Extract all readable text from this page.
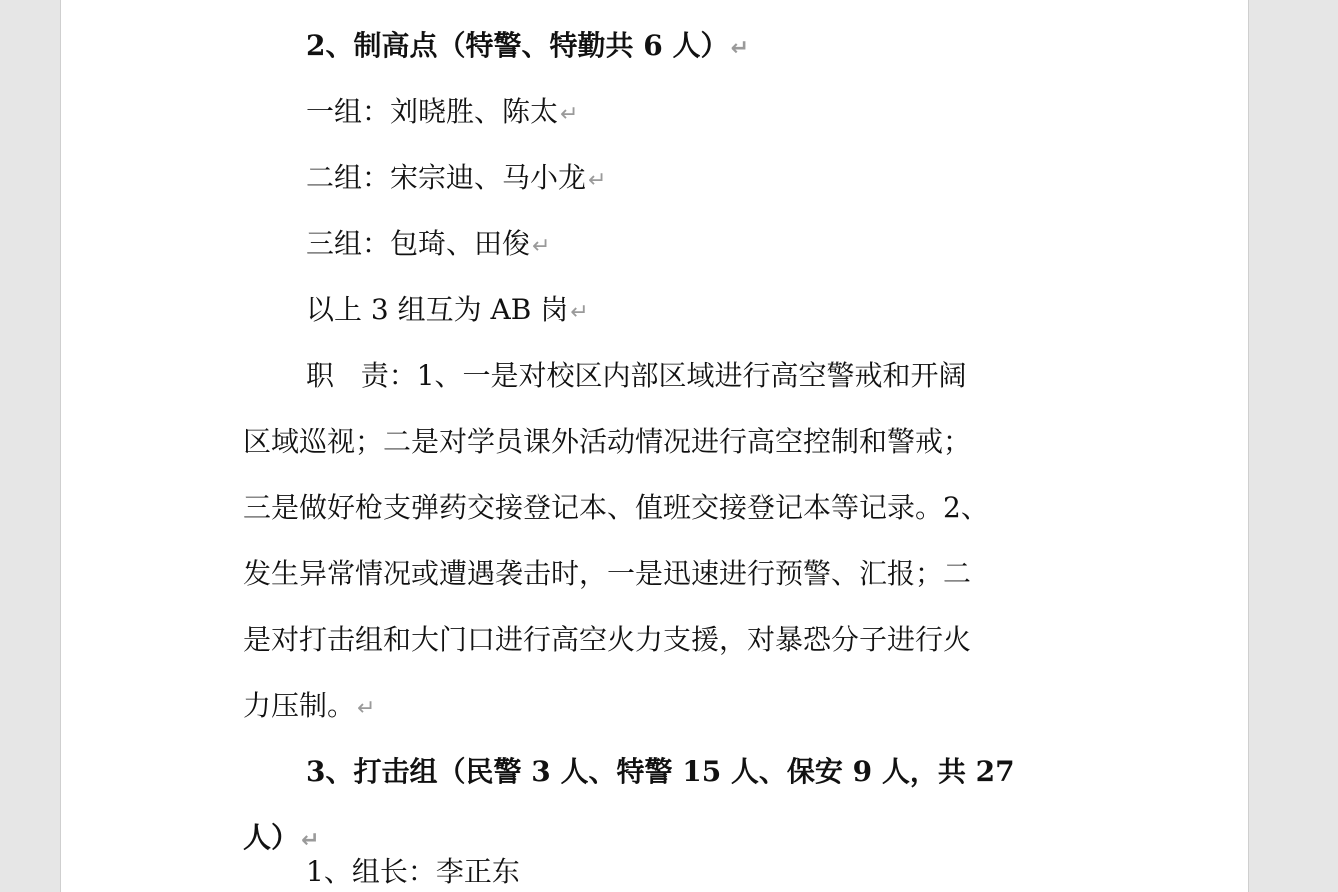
2、制高点（特警、特勤共 6 人）↵
一组：刘晓胜、陈太↵
二组：宋宗迪、马小龙↵
三组：包琦、田俊↵
以上 3 组互为 AB 岗↵
职   责：1、一是对校区内部区域进行高空警戒和开阔
区域巡视；二是对学员课外活动情况进行高空控制和警戒；
三是做好枪支弹药交接登记本、值班交接登记本等记录。2、
发生异常情况或遭遇袭击时，一是迅速进行预警、汇报；二
是对打击组和大门口进行高空火力支援，对暴恐分子进行火
力压制。↵
3、打击组（民警 3 人、特警 15 人、保安 9 人，共 27
人）↵
1、组长：李正东
